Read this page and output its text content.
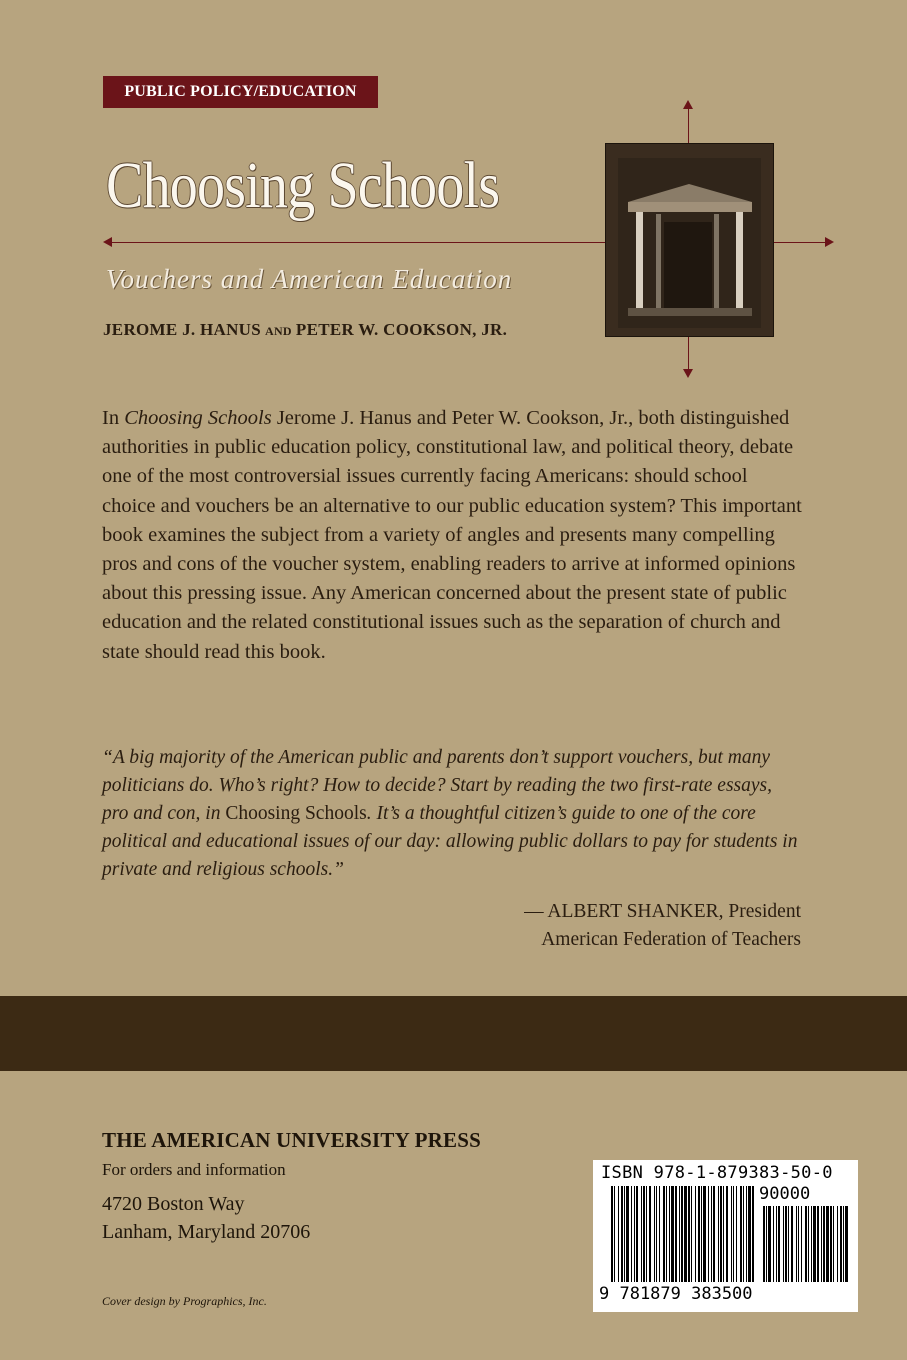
PUBLIC POLICY/EDUCATION
Choosing Schools
Vouchers and American Education
JEROME J. HANUS AND PETER W. COOKSON, JR.
In Choosing Schools Jerome J. Hanus and Peter W. Cookson, Jr., both distinguished authorities in public education policy, constitutional law, and political theory, debate one of the most controversial issues currently facing Americans: should school choice and vouchers be an alternative to our public education system? This important book examines the subject from a variety of angles and presents many compelling pros and cons of the voucher system, enabling readers to arrive at informed opinions about this pressing issue. Any American concerned about the present state of public education and the related constitutional issues such as the separation of church and state should read this book.
“A big majority of the American public and parents don’t support vouchers, but many politicians do. Who’s right? How to decide? Start by reading the two first-rate essays, pro and con, in Choosing Schools. It’s a thoughtful citizen’s guide to one of the core political and educational issues of our day: allowing public dollars to pay for students in private and religious schools.”
— ALBERT SHANKER, President
American Federation of Teachers
THE AMERICAN UNIVERSITY PRESS
For orders and information
4720 Boston Way
Lanham, Maryland 20706
Cover design by Prographics, Inc.
ISBN 978-1-879383-50-0
90000
9 781879 383500
